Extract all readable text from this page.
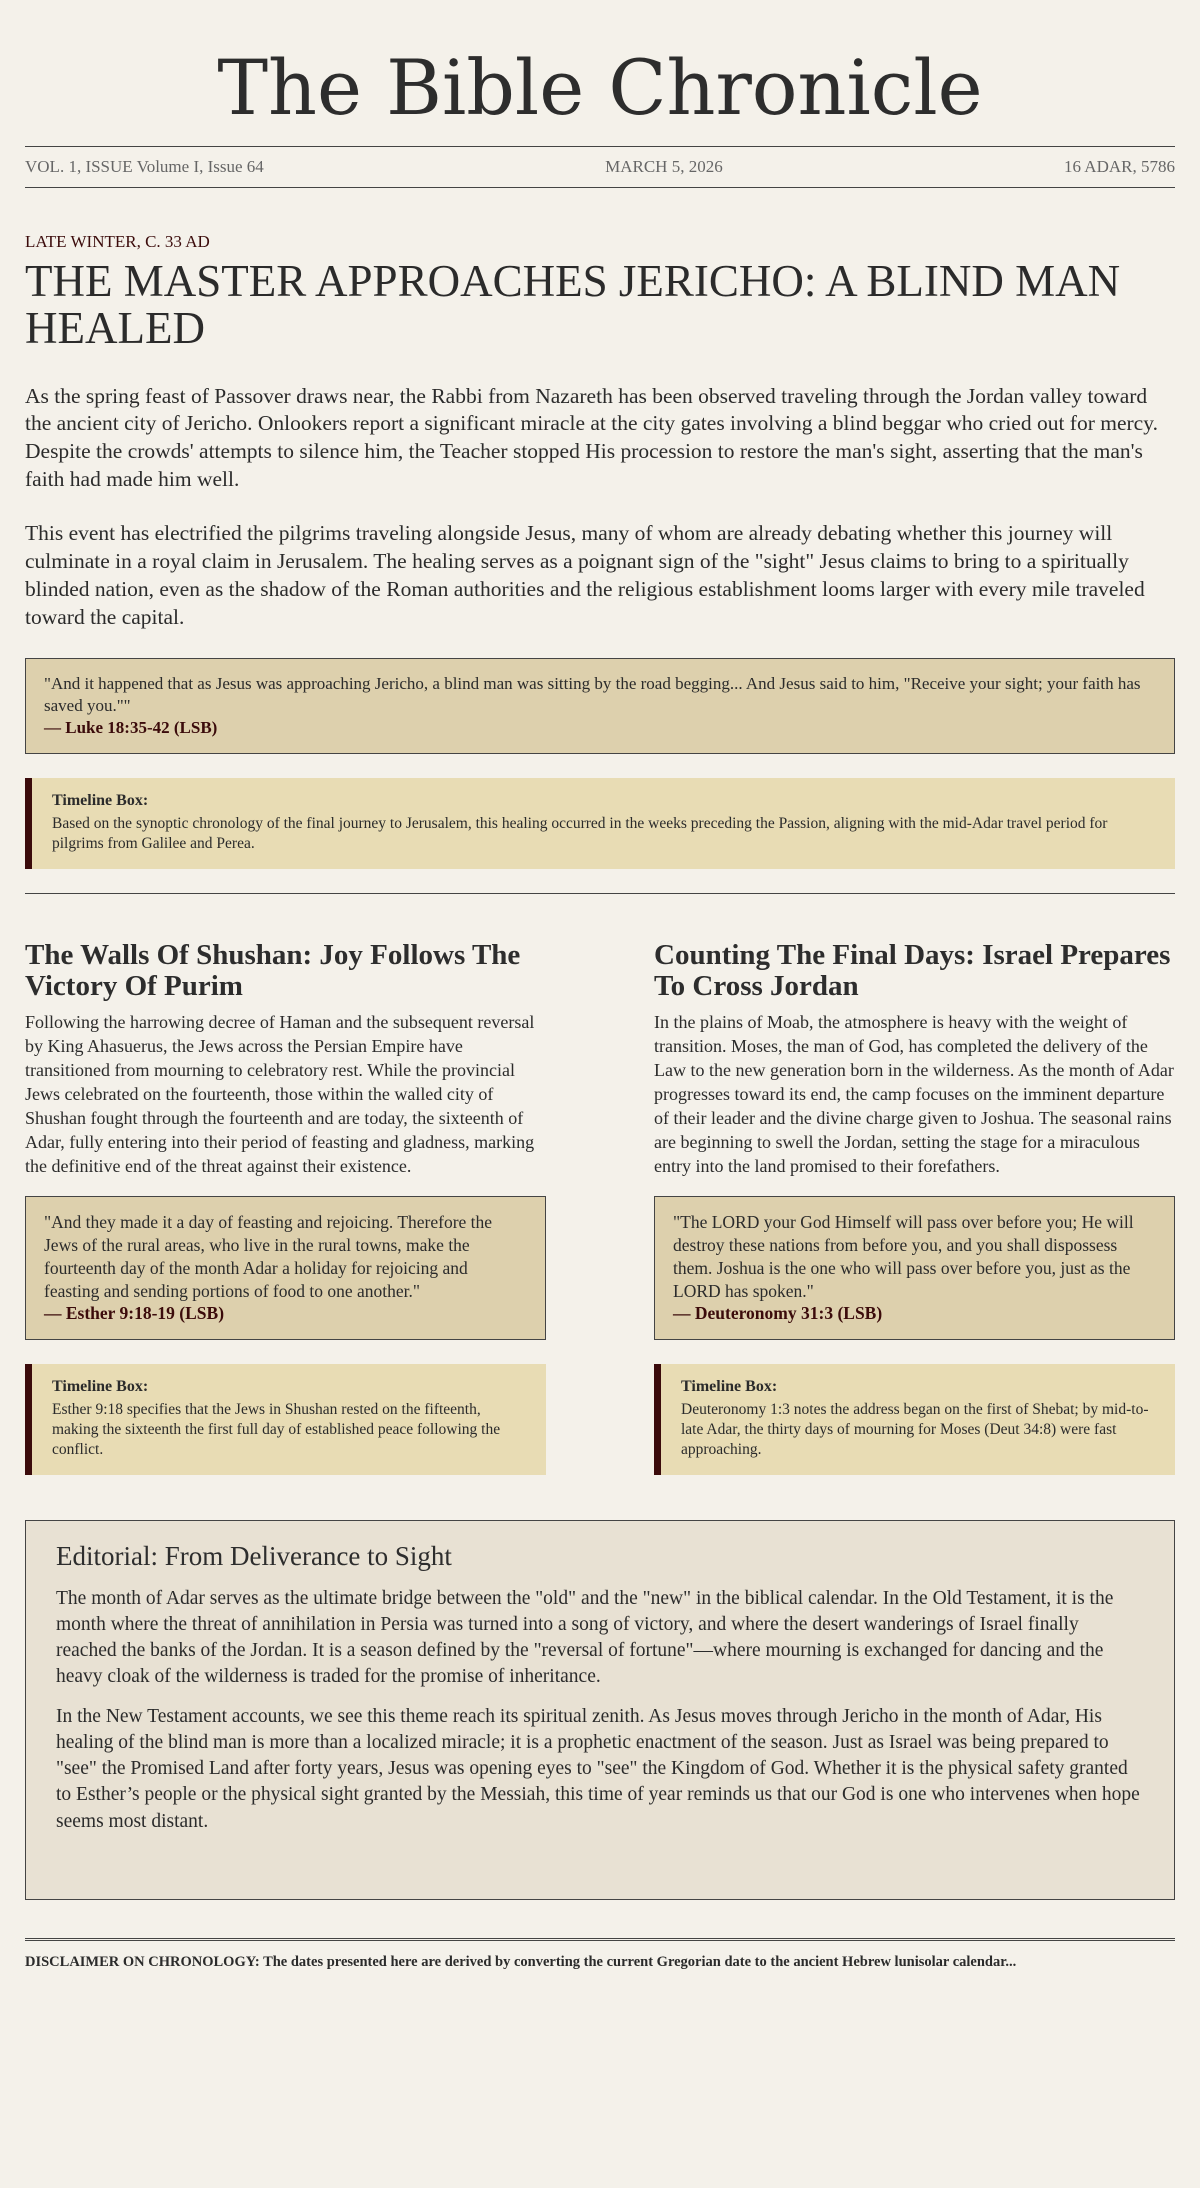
The Bible Chronicle
VOL. 1, ISSUE Volume I, Issue 64	MARCH 5, 2026	16 ADAR, 5786
LATE WINTER, C. 33 AD
THE MASTER APPROACHES JERICHO: A BLIND MAN HEALED

As the spring feast of Passover draws near, the Rabbi from Nazareth has been observed traveling through the Jordan valley toward the ancient city of Jericho. Onlookers report a significant miracle at the city gates involving a blind beggar who cried out for mercy. Despite the crowds' attempts to silence him, the Teacher stopped His procession to restore the man's sight, asserting that the man's faith had made him well.

This event has electrified the pilgrims traveling alongside Jesus, many of whom are already debating whether this journey will culminate in a royal claim in Jerusalem. The healing serves as a poignant sign of the "sight" Jesus claims to bring to a spiritually blinded nation, even as the shadow of the Roman authorities and the religious establishment looms larger with every mile traveled toward the capital.

"And it happened that as Jesus was approaching Jericho, a blind man was sitting by the road begging... And Jesus said to him, "Receive your sight; your faith has saved you.""
— Luke 18:35-42 (LSB)
Timeline Box:
Based on the synoptic chronology of the final journey to Jerusalem, this healing occurred in the weeks preceding the Passion, aligning with the mid-Adar travel period for pilgrims from Galilee and Perea.
The Walls Of Shushan: Joy Follows The Victory Of Purim

Following the harrowing decree of Haman and the subsequent reversal by King Ahasuerus, the Jews across the Persian Empire have transitioned from mourning to celebratory rest. While the provincial Jews celebrated on the fourteenth, those within the walled city of Shushan fought through the fourteenth and are today, the sixteenth of Adar, fully entering into their period of feasting and gladness, marking the definitive end of the threat against their existence.

"And they made it a day of feasting and rejoicing. Therefore the Jews of the rural areas, who live in the rural towns, make the fourteenth day of the month Adar a holiday for rejoicing and feasting and sending portions of food to one another."
— Esther 9:18-19 (LSB)
Timeline Box:
Esther 9:18 specifies that the Jews in Shushan rested on the fifteenth, making the sixteenth the first full day of established peace following the conflict.
Counting The Final Days: Israel Prepares To Cross Jordan

In the plains of Moab, the atmosphere is heavy with the weight of transition. Moses, the man of God, has completed the delivery of the Law to the new generation born in the wilderness. As the month of Adar progresses toward its end, the camp focuses on the imminent departure of their leader and the divine charge given to Joshua. The seasonal rains are beginning to swell the Jordan, setting the stage for a miraculous entry into the land promised to their forefathers.

"The LORD your God Himself will pass over before you; He will destroy these nations from before you, and you shall dispossess them. Joshua is the one who will pass over before you, just as the LORD has spoken."
— Deuteronomy 31:3 (LSB)
Timeline Box:
Deuteronomy 1:3 notes the address began on the first of Shebat; by mid-to-late Adar, the thirty days of mourning for Moses (Deut 34:8) were fast approaching.
Editorial: From Deliverance to Sight

The month of Adar serves as the ultimate bridge between the "old" and the "new" in the biblical calendar. In the Old Testament, it is the month where the threat of annihilation in Persia was turned into a song of victory, and where the desert wanderings of Israel finally reached the banks of the Jordan. It is a season defined by the "reversal of fortune"—where mourning is exchanged for dancing and the heavy cloak of the wilderness is traded for the promise of inheritance.

In the New Testament accounts, we see this theme reach its spiritual zenith. As Jesus moves through Jericho in the month of Adar, His healing of the blind man is more than a localized miracle; it is a prophetic enactment of the season. Just as Israel was being prepared to "see" the Promised Land after forty years, Jesus was opening eyes to "see" the Kingdom of God. Whether it is the physical safety granted to Esther’s people or the physical sight granted by the Messiah, this time of year reminds us that our God is one who intervenes when hope seems most distant.

DISCLAIMER ON CHRONOLOGY: The dates presented here are derived by converting the current Gregorian date to the ancient Hebrew lunisolar calendar...
